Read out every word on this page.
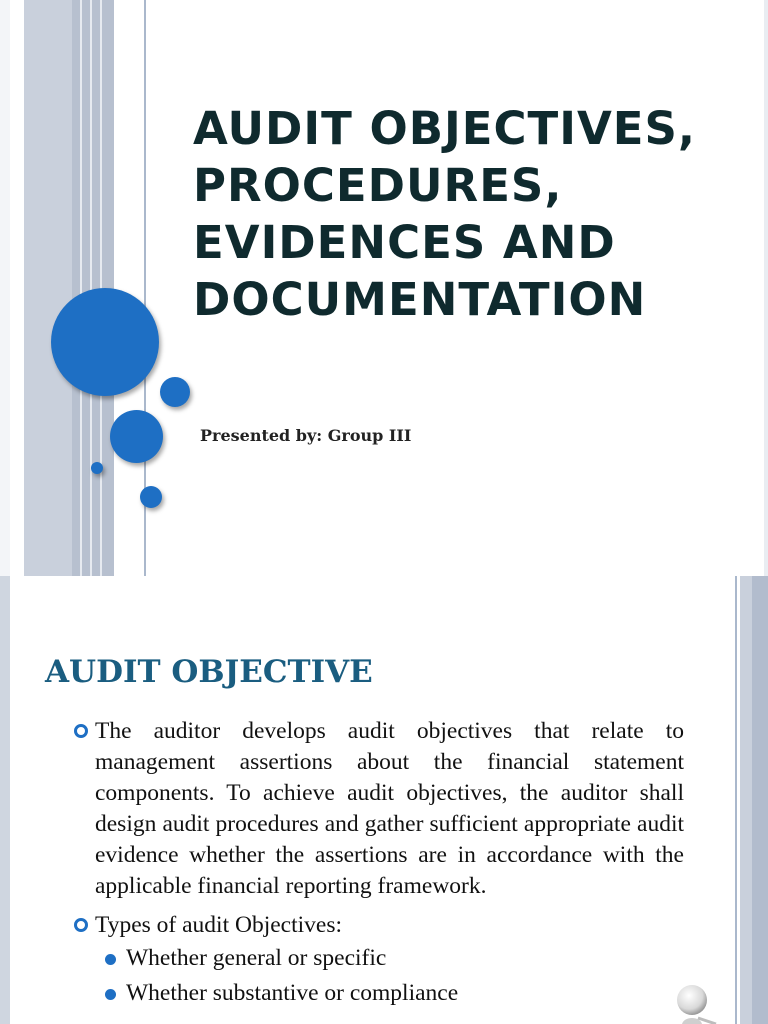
AUDIT OBJECTIVES, PROCEDURES, EVIDENCES AND DOCUMENTATION

Presented by: Group III

AUDIT OBJECTIVE
The auditor develops audit objectives that relate to management assertions about the financial statement components. To achieve audit objectives, the auditor shall design audit procedures and gather sufficient appropriate audit evidence whether the assertions are in accordance with the applicable financial reporting framework.
Types of audit Objectives:
Whether general or specific
Whether substantive or compliance
